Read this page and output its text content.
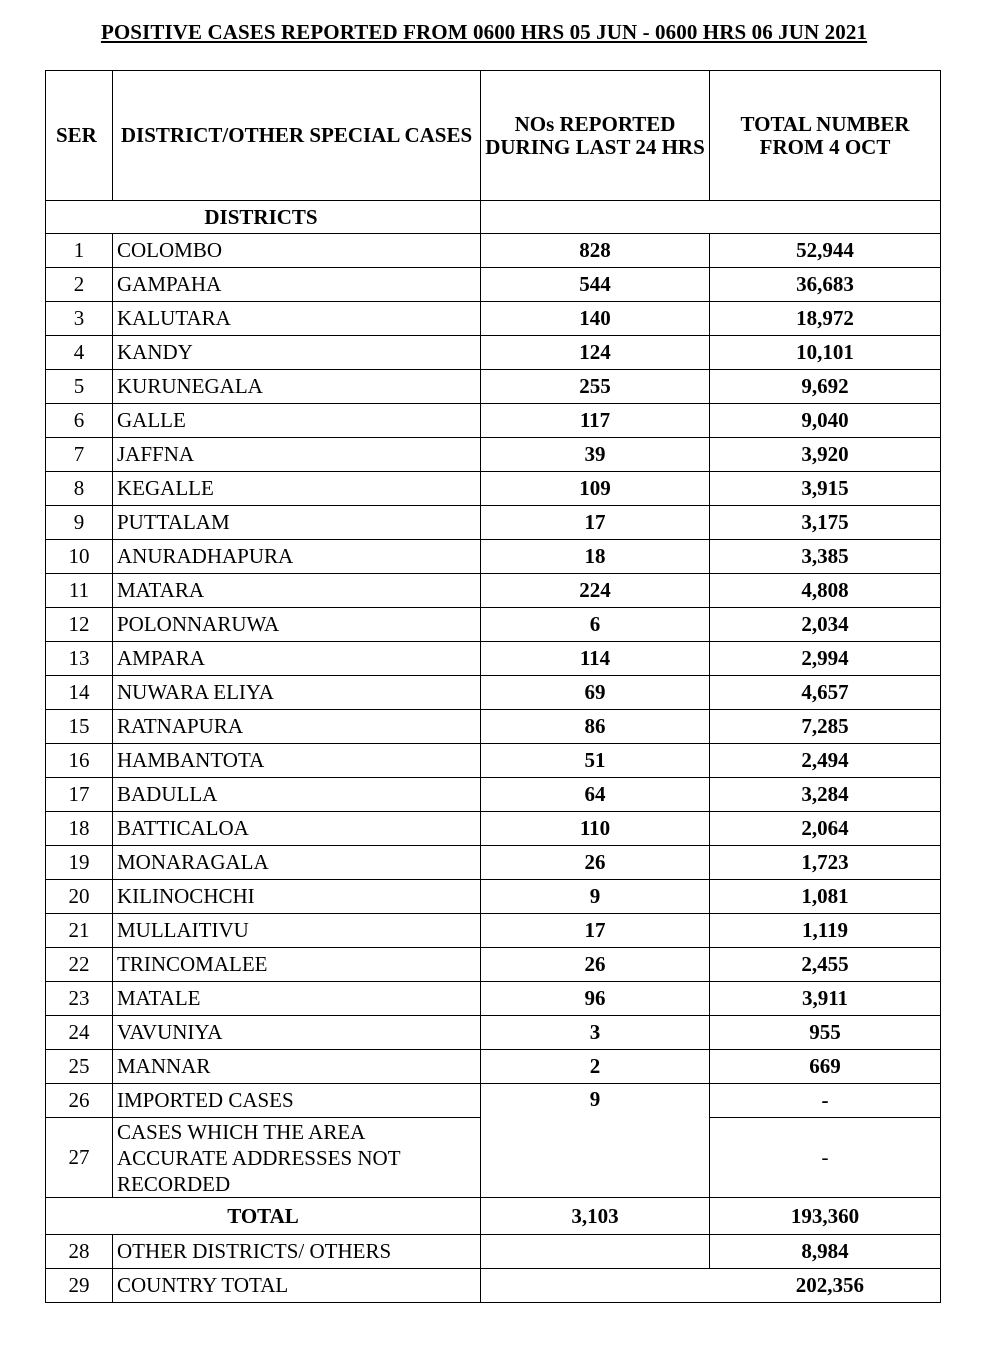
POSITIVE CASES REPORTED FROM 0600 HRS 05 JUN - 0600 HRS 06 JUN 2021
SER	DISTRICT/OTHER SPECIAL CASES	NOs REPORTED DURING LAST 24 HRS	TOTAL NUMBER FROM 4 OCT
DISTRICTS			
1	COLOMBO	828	52,944
2	GAMPAHA	544	36,683
3	KALUTARA	140	18,972
4	KANDY	124	10,101
5	KURUNEGALA	255	9,692
6	GALLE	117	9,040
7	JAFFNA	39	3,920
8	KEGALLE	109	3,915
9	PUTTALAM	17	3,175
10	ANURADHAPURA	18	3,385
11	MATARA	224	4,808
12	POLONNARUWA	6	2,034
13	AMPARA	114	2,994
14	NUWARA ELIYA	69	4,657
15	RATNAPURA	86	7,285
16	HAMBANTOTA	51	2,494
17	BADULLA	64	3,284
18	BATTICALOA	110	2,064
19	MONARAGALA	26	1,723
20	KILINOCHCHI	9	1,081
21	MULLAITIVU	17	1,119
22	TRINCOMALEE	26	2,455
23	MATALE	96	3,911
24	VAVUNIYA	3	955
25	MANNAR	2	669
26	IMPORTED CASES	9	-
27	CASES WHICH THE AREA ACCURATE ADDRESSES NOT RECORDED		-
TOTAL		3,103	193,360
28	OTHER DISTRICTS/ OTHERS		8,984
29	COUNTRY TOTAL	202,356	
